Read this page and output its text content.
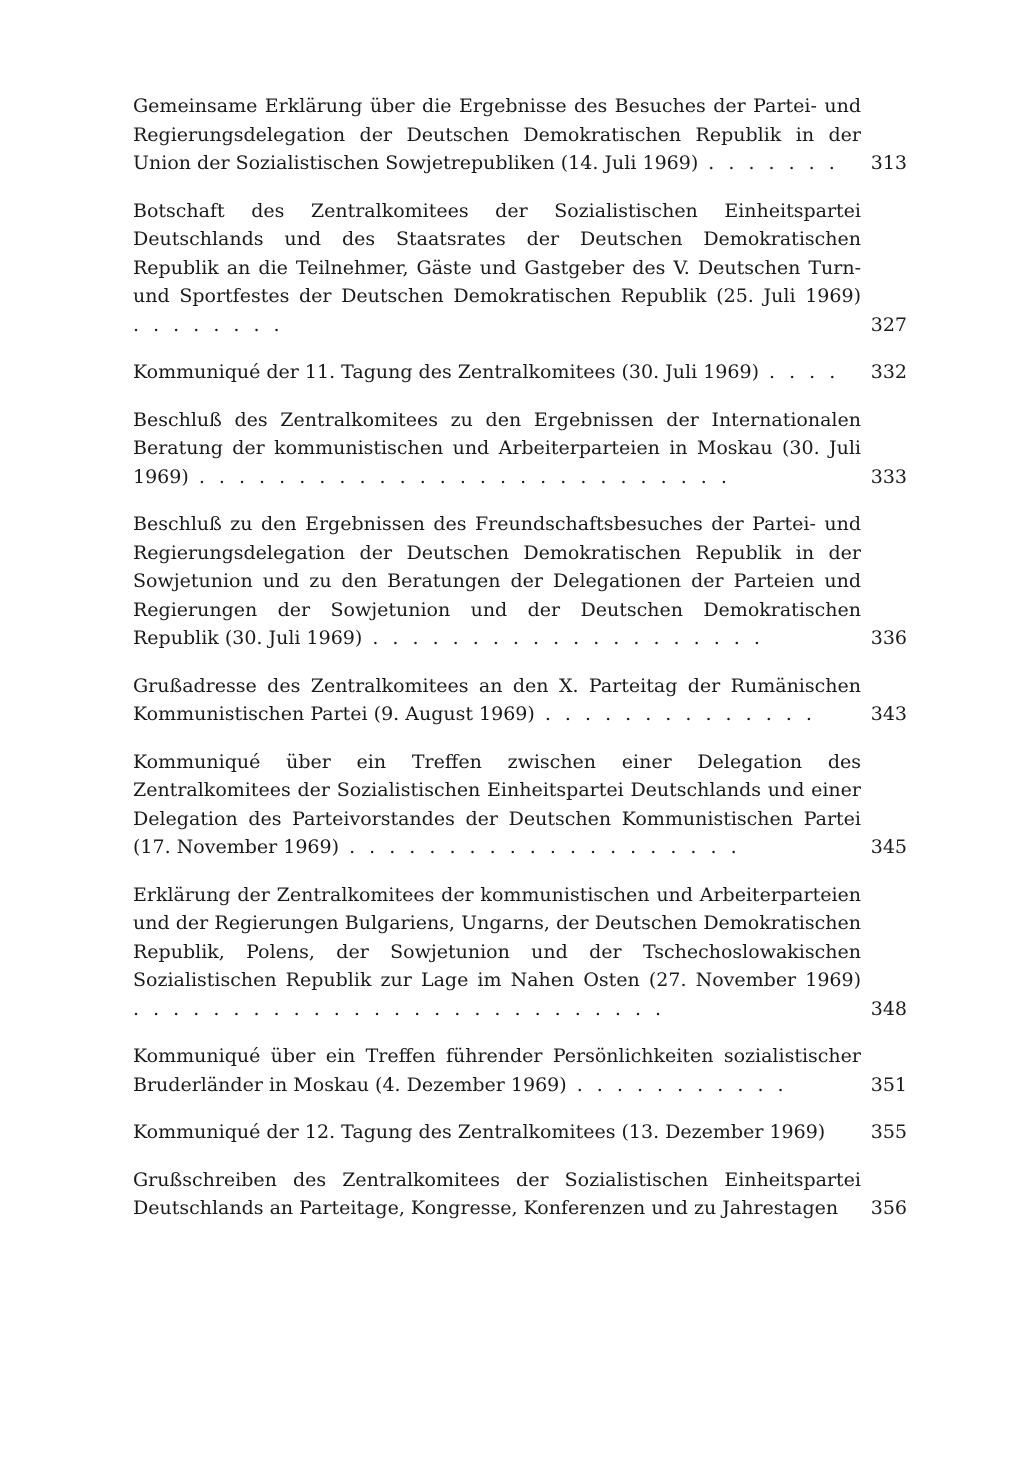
Gemeinsame Erklärung über die Ergebnisse des Besuches der Partei- und Regierungsdelegation der Deutschen Demokratischen Republik in der Union der Sozialistischen Sowjetrepubliken (14. Juli 1969) . . . . . . .	313
Botschaft des Zentralkomitees der Sozialistischen Einheitspartei Deutschlands und des Staatsrates der Deutschen Demokratischen Republik an die Teilnehmer, Gäste und Gastgeber des V. Deutschen Turn- und Sportfestes der Deutschen Demokratischen Republik (25. Juli 1969) . . . . . . . .	327
Kommuniqué der 11. Tagung des Zentralkomitees (30. Juli 1969) . . . .	332
Beschluß des Zentralkomitees zu den Ergebnissen der Internationalen Beratung der kommunistischen und Arbeiterparteien in Moskau (30. Juli 1969) . . . . . . . . . . . . . . . . . . . . . . . . . . .	333
Beschluß zu den Ergebnissen des Freundschaftsbesuches der Partei- und Regierungsdelegation der Deutschen Demokratischen Republik in der Sowjetunion und zu den Beratungen der Delegationen der Parteien und Regierungen der Sowjetunion und der Deutschen Demokratischen Republik (30. Juli 1969) . . . . . . . . . . . . . . . . . . . .	336
Grußadresse des Zentralkomitees an den X. Parteitag der Rumänischen Kommunistischen Partei (9. August 1969) . . . . . . . . . . . . . .	343
Kommuniqué über ein Treffen zwischen einer Delegation des Zentralkomitees der Sozialistischen Einheitspartei Deutschlands und einer Delegation des Parteivorstandes der Deutschen Kommunistischen Partei (17. November 1969) . . . . . . . . . . . . . . . . . . . .	345
Erklärung der Zentralkomitees der kommunistischen und Arbeiterparteien und der Regierungen Bulgariens, Ungarns, der Deutschen Demokratischen Republik, Polens, der Sowjetunion und der Tschechoslowakischen Sozialistischen Republik zur Lage im Nahen Osten (27. November 1969) . . . . . . . . . . . . . . . . . . . . . . . . . . .	348
Kommuniqué über ein Treffen führender Persönlichkeiten sozialistischer Bruderländer in Moskau (4. Dezember 1969) . . . . . . . . . . .	351
Kommuniqué der 12. Tagung des Zentralkomitees (13. Dezember 1969)	355
Grußschreiben des Zentralkomitees der Sozialistischen Einheitspartei Deutschlands an Parteitage, Kongresse, Konferenzen und zu Jahrestagen	356
